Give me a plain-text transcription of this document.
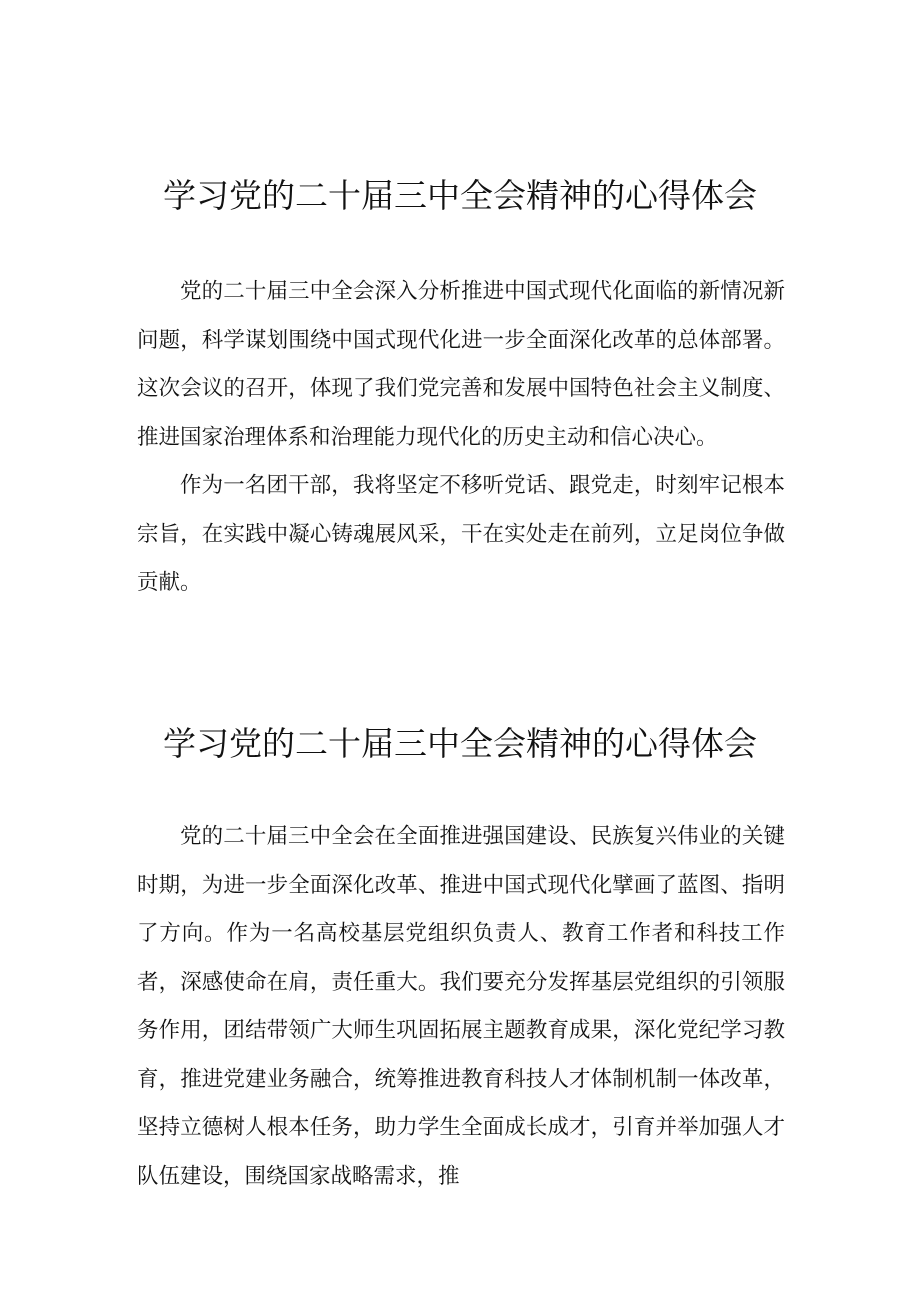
学习党的二十届三中全会精神的心得体会

党的二十届三中全会深入分析推进中国式现代化面临的新情况新问题，科学谋划围绕中国式现代化进一步全面深化改革的总体部署。这次会议的召开，体现了我们党完善和发展中国特色社会主义制度、推进国家治理体系和治理能力现代化的历史主动和信心决心。

作为一名团干部，我将坚定不移听党话、跟党走，时刻牢记根本宗旨，在实践中凝心铸魂展风采，干在实处走在前列，立足岗位争做贡献。

学习党的二十届三中全会精神的心得体会

党的二十届三中全会在全面推进强国建设、民族复兴伟业的关键时期，为进一步全面深化改革、推进中国式现代化擘画了蓝图、指明了方向。作为一名高校基层党组织负责人、教育工作者和科技工作者，深感使命在肩，责任重大。我们要充分发挥基层党组织的引领服务作用，团结带领广大师生巩固拓展主题教育成果，深化党纪学习教育，推进党建业务融合，统筹推进教育科技人才体制机制一体改革，坚持立德树人根本任务，助力学生全面成长成才，引育并举加强人才队伍建设，围绕国家战略需求，推
